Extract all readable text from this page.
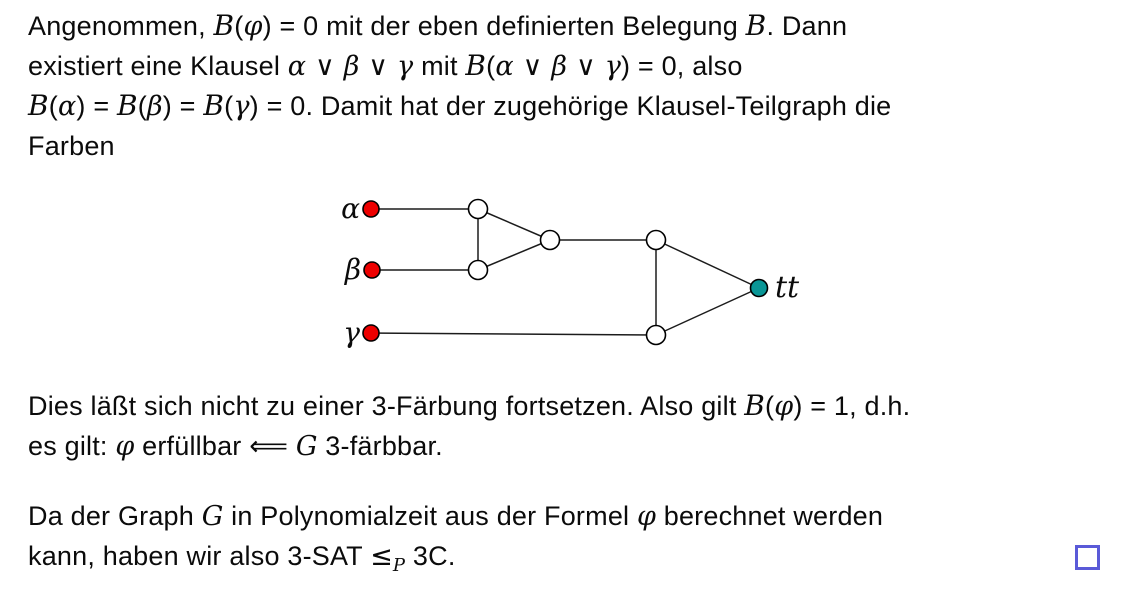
Angenommen, B(φ) = 0 mit der eben definierten Belegung B. Dann
existiert eine Klausel α ∨ β ∨ γ mit B(α ∨ β ∨ γ) = 0, also
B(α) = B(β) = B(γ) = 0. Damit hat der zugehörige Klausel-Teilgraph die
Farben
α
β
γ
tt
Dies läßt sich nicht zu einer 3-Färbung fortsetzen. Also gilt B(φ) = 1, d.h.
es gilt: φ erfüllbar ⟸ G 3-färbbar.
Da der Graph G in Polynomialzeit aus der Formel φ berechnet werden
kann, haben wir also $3-SAT \le_P$ 3C.
